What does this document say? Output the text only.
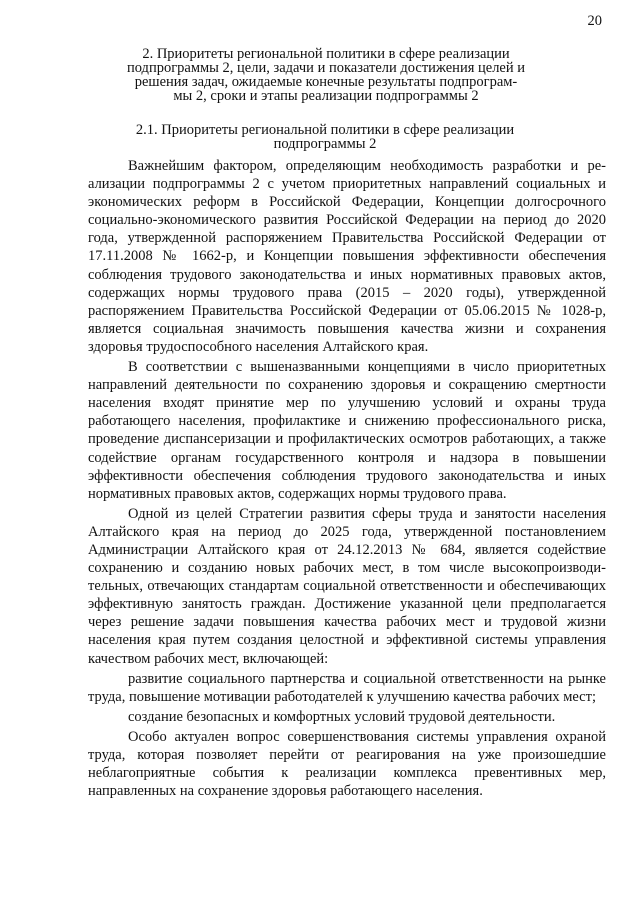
20
2. Приоритеты региональной политики в сфере реализации
подпрограммы 2, цели, задачи и показатели достижения целей и
решения задач, ожидаемые конечные результаты подпрограм-
мы 2, сроки и этапы реализации подпрограммы 2
2.1. Приоритеты региональной политики в сфере реализации
подпрограммы 2

Важнейшим фактором, определяющим необходимость разработки и реализации подпрограммы 2 с учетом приоритетных направлений социальных и экономических реформ в Российской Федерации, Концепции долгосрочного социально-экономического развития Российской Федерации на период до 2020 года, утвержденной распоряжением Правительства Российской Федерации от 17.11.2008 № 1662-р, и Концепции повышения эффективности обеспечения соблюдения трудового законодательства и иных нормативных правовых актов, содержащих нормы трудового права (2015 – 2020 годы), утвержденной распоряжением Правительства Российской Федерации от 05.06.2015 № 1028-р, является социальная значимость повышения качества жизни и сохранения здоровья трудоспособного населения Алтайского края.

В соответствии с вышеназванными концепциями в число приоритетных направлений деятельности по сохранению здоровья и сокращению смертности населения входят принятие мер по улучшению условий и охраны труда работающего населения, профилактике и снижению профессионального риска, проведение диспансеризации и профилактических осмотров работающих, а также содействие органам государственного контроля и надзора в повышении эффективности обеспечения соблюдения трудового законодательства и иных нормативных правовых актов, содержащих нормы трудового права.

Одной из целей Стратегии развития сферы труда и занятости населения Алтайского края на период до 2025 года, утвержденной постановлением Администрации Алтайского края от 24.12.2013 № 684, является содействие сохранению и созданию новых рабочих мест, в том числе высокопроизводительных, отвечающих стандартам социальной ответственности и обеспечивающих эффективную занятость граждан. Достижение указанной цели предполагается через решение задачи повышения качества рабочих мест и трудовой жизни населения края путем создания целостной и эффективной системы управления качеством рабочих мест, включающей:

развитие социального партнерства и социальной ответственности на рынке труда, повышение мотивации работодателей к улучшению качества рабочих мест;

создание безопасных и комфортных условий трудовой деятельности.

Особо актуален вопрос совершенствования системы управления охраной труда, которая позволяет перейти от реагирования на уже произошедшие неблагоприятные события к реализации комплекса превентивных мер, направленных на сохранение здоровья работающего населения.
